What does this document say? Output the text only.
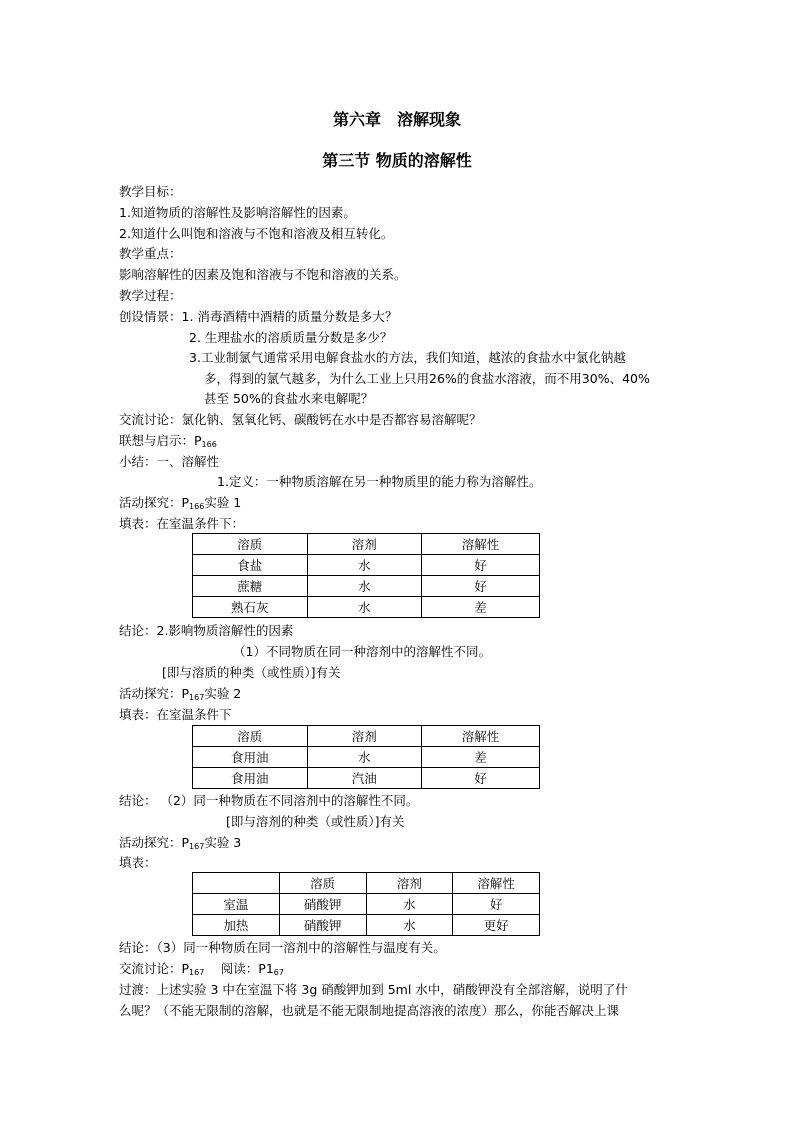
第六章　溶解现象
第三节 物质的溶解性
教学目标：
1.知道物质的溶解性及影响溶解性的因素。
2.知道什么叫饱和溶液与不饱和溶液及相互转化。
教学重点：
影响溶解性的因素及饱和溶液与不饱和溶液的关系。
教学过程：
创设情景：1. 消毒酒精中酒精的质量分数是多大？
2. 生理盐水的溶质质量分数是多少？
3.工业制氯气通常采用电解食盐水的方法，我们知道，越浓的食盐水中氯化钠越
多，得到的氯气越多，为什么工业上只用26%的食盐水溶液，而不用30%、40%
甚至 50%的食盐水来电解呢？
交流讨论：氯化钠、氢氧化钙、碳酸钙在水中是否都容易溶解呢？
联想与启示：$P_{166}$
小结：一、溶解性
1.定义：一种物质溶解在另一种物质里的能力称为溶解性。
活动探究：$P_{166}$实验 1
填表：在室温条件下：
溶质	溶剂	溶解性
食盐	水	好
蔗糖	水	好
熟石灰	水	差
结论：2.影响物质溶解性的因素
（1）不同物质在同一种溶剂中的溶解性不同。
[即与溶质的种类（或性质）]有关
活动探究：$P_{167}$实验 2
填表：在室温条件下
溶质	溶剂	溶解性
食用油	水	差
食用油	汽油	好
结论： （2）同一种物质在不同溶剂中的溶解性不同。
[即与溶剂的种类（或性质）]有关
活动探究：$P_{167}$实验 3
填表：
	溶质	溶剂	溶解性
室温	硝酸钾	水	好
加热	硝酸钾	水	更好
结论：（3）同一种物质在同一溶剂中的溶解性与温度有关。
交流讨论：$P_{167}$　 阅读：$P1_{67}$
过渡：上述实验 3 中在室温下将 3g 硝酸钾加到 5ml 水中，硝酸钾没有全部溶解，说明了什
么呢？（不能无限制的溶解，也就是不能无限制地提高溶液的浓度）那么，你能否解决上课
